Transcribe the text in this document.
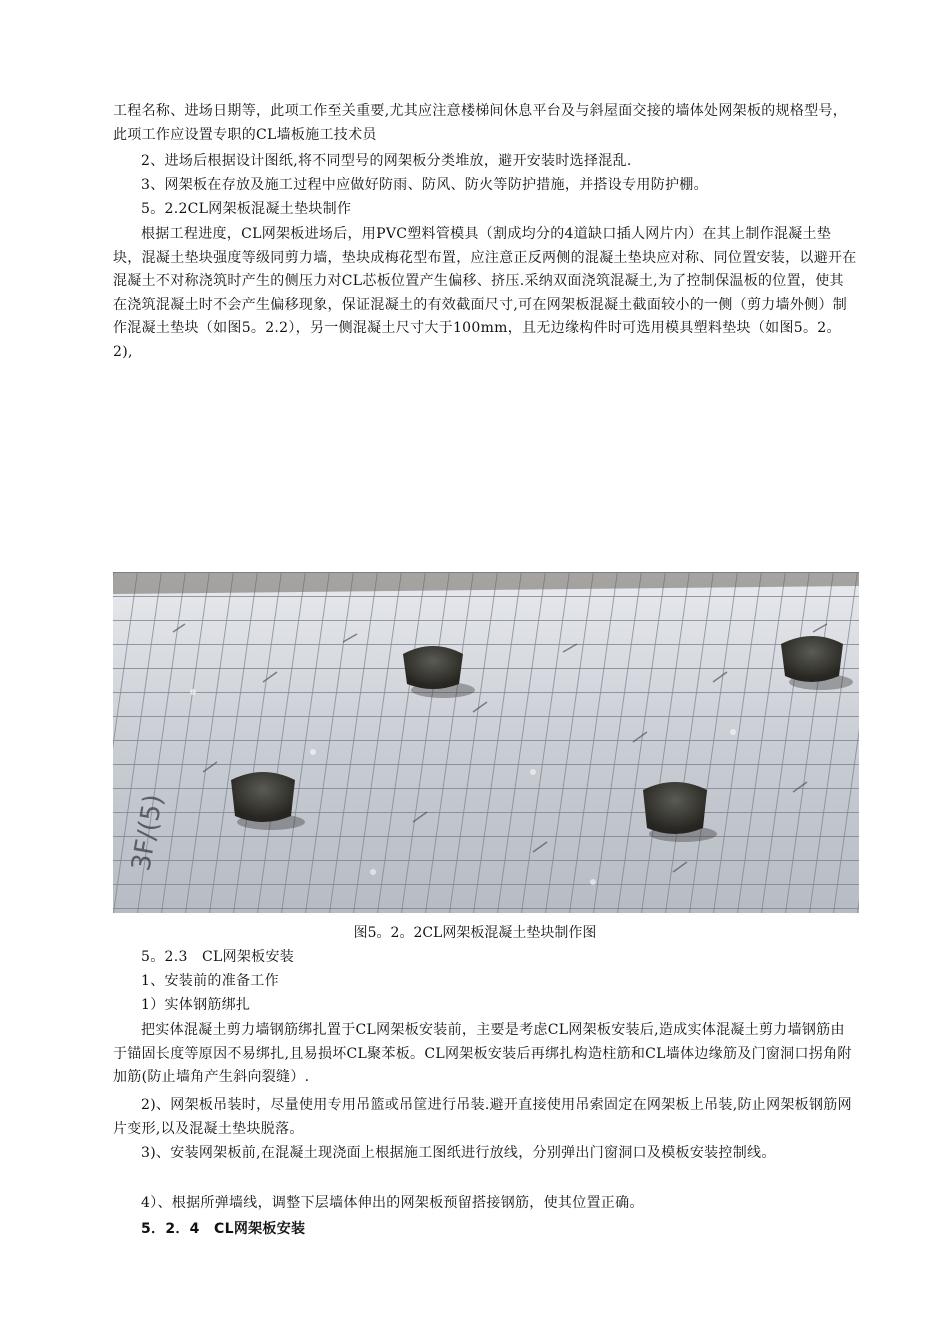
工程名称、进场日期等，此项工作至关重要,尤其应注意楼梯间休息平台及与斜屋面交接的墙体处网架板的规格型号，此项工作应设置专职的CL墙板施工技术员

2、进场后根据设计图纸,将不同型号的网架板分类堆放，避开安装时选择混乱.

3、网架板在存放及施工过程中应做好防雨、防风、防火等防护措施，并搭设专用防护棚。

5。2.2CL网架板混凝土垫块制作

根据工程进度，CL网架板进场后，用PVC塑料管模具（割成均分的4道缺口插人网片内）在其上制作混凝土垫块，混凝土垫块强度等级同剪力墙，垫块成梅花型布置，应注意正反两侧的混凝土垫块应对称、同位置安装，以避开在混凝土不对称浇筑时产生的侧压力对CL芯板位置产生偏移、挤压.采纳双面浇筑混凝土,为了控制保温板的位置，使其在浇筑混凝土时不会产生偏移现象，保证混凝土的有效截面尺寸,可在网架板混凝土截面较小的一侧（剪力墙外侧）制作混凝土垫块（如图5。2.2），另一侧混凝土尺寸大于100mm，且无边缘构件时可选用模具塑料垫块（如图5。2。2),

3F/(5)
图5。2。2CL网架板混凝土垫块制作图

5。2.3　CL网架板安装

1、安装前的准备工作

1）实体钢筋绑扎

把实体混凝土剪力墙钢筋绑扎置于CL网架板安装前，主要是考虑CL网架板安装后,造成实体混凝土剪力墙钢筋由于锚固长度等原因不易绑扎,且易损坏CL聚苯板。CL网架板安装后再绑扎构造柱筋和CL墙体边缘筋及门窗洞口拐角附加筋(防止墙角产生斜向裂缝）.

2)、网架板吊装时，尽量使用专用吊篮或吊筐进行吊装.避开直接使用吊索固定在网架板上吊装,防止网架板钢筋网片变形,以及混凝土垫块脱落。

3)、安装网架板前,在混凝土现浇面上根据施工图纸进行放线，分别弹出门窗洞口及模板安装控制线。

4）、根据所弹墙线，调整下层墙体伸出的网架板预留搭接钢筋，使其位置正确。

5．2．4　CL网架板安装
